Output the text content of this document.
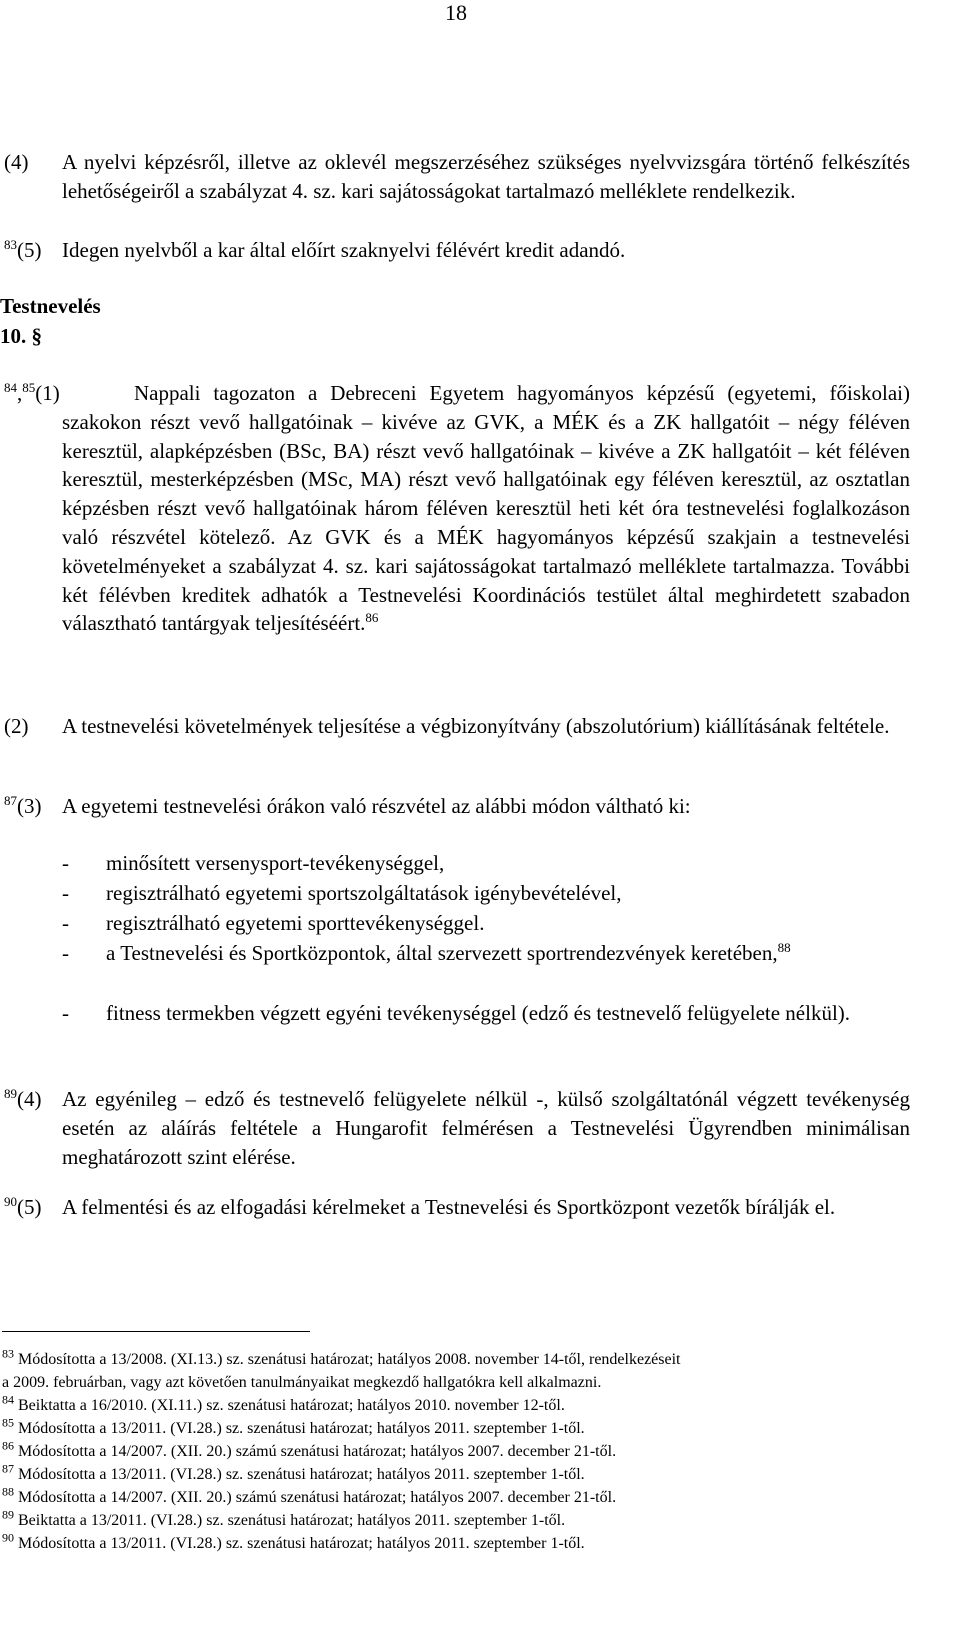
18
(4) A nyelvi képzésről, illetve az oklevél megszerzéséhez szükséges nyelvvizsgára történő felkészítés lehetőségeiről a szabályzat 4. sz. kari sajátosságokat tartalmazó melléklete rendelkezik.

$^{83}$(5) Idegen nyelvből a kar által előírt szaknyelvi félévért kredit adandó.

Testnevelés
10. §
$^{84}$,$^{85}$(1)	Nappali tagozaton a Debreceni Egyetem hagyományos képzésű (egyetemi, főiskolai) szakokon részt vevő hallgatóinak – kivéve az GVK, a MÉK és a ZK hallgatóit – négy féléven keresztül, alapképzésben (BSc, BA) részt vevő hallgatóinak – kivéve a ZK hallgatóit – két féléven keresztül, mesterképzésben (MSc, MA) részt vevő hallgatóinak egy féléven keresztül, az osztatlan képzésben részt vevő hallgatóinak három féléven keresztül heti két óra testnevelési foglalkozáson való részvétel kötelező. Az GVK és a MÉK hagyományos képzésű szakjain a testnevelési követelményeket a szabályzat 4. sz. kari sajátosságokat tartalmazó melléklete tartalmazza. További két félévben kreditek adhatók a Testnevelési Koordinációs testület által meghirdetett szabadon választható tantárgyak teljesítéséért.$^{86}$

(2) A testnevelési követelmények teljesítése a végbizonyítvány (abszolutórium) kiállításának feltétele.

$^{87}$(3) A egyetemi testnevelési órákon való részvétel az alábbi módon váltható ki:

-	minősített versenysport-tevékenységgel,
-	regisztrálható egyetemi sportszolgáltatások igénybevételével,
-	regisztrálható egyetemi sporttevékenységgel.
-	a Testnevelési és Sportközpontok, által szervezett sportrendezvények keretében,$^{88}$
-	fitness termekben végzett egyéni tevékenységgel (edző és testnevelő felügyelete nélkül).
$^{89}$(4) Az egyénileg – edző és testnevelő felügyelete nélkül -, külső szolgáltatónál végzett tevékenység esetén az aláírás feltétele a Hungarofit felmérésen a Testnevelési Ügyrendben minimálisan meghatározott szint elérése.

$^{90}$(5) A felmentési és az elfogadási kérelmeket a Testnevelési és Sportközpont vezetők bírálják el.

$^{83}$ Módosította a 13/2008. (XI.13.) sz. szenátusi határozat; hatályos 2008. november 14-től, rendelkezéseit

a 2009. februárban, vagy azt követően tanulmányaikat megkezdő hallgatókra kell alkalmazni.

$^{84}$ Beiktatta a 16/2010. (XI.11.) sz. szenátusi határozat; hatályos 2010. november 12-től.

$^{85}$ Módosította a 13/2011. (VI.28.) sz. szenátusi határozat; hatályos 2011. szeptember 1-től.

$^{86}$ Módosította a 14/2007. (XII. 20.) számú szenátusi határozat; hatályos 2007. december 21-től.

$^{87}$ Módosította a 13/2011. (VI.28.) sz. szenátusi határozat; hatályos 2011. szeptember 1-től.

$^{88}$ Módosította a 14/2007. (XII. 20.) számú szenátusi határozat; hatályos 2007. december 21-től.

$^{89}$ Beiktatta a 13/2011. (VI.28.) sz. szenátusi határozat; hatályos 2011. szeptember 1-től.

$^{90}$ Módosította a 13/2011. (VI.28.) sz. szenátusi határozat; hatályos 2011. szeptember 1-től.
